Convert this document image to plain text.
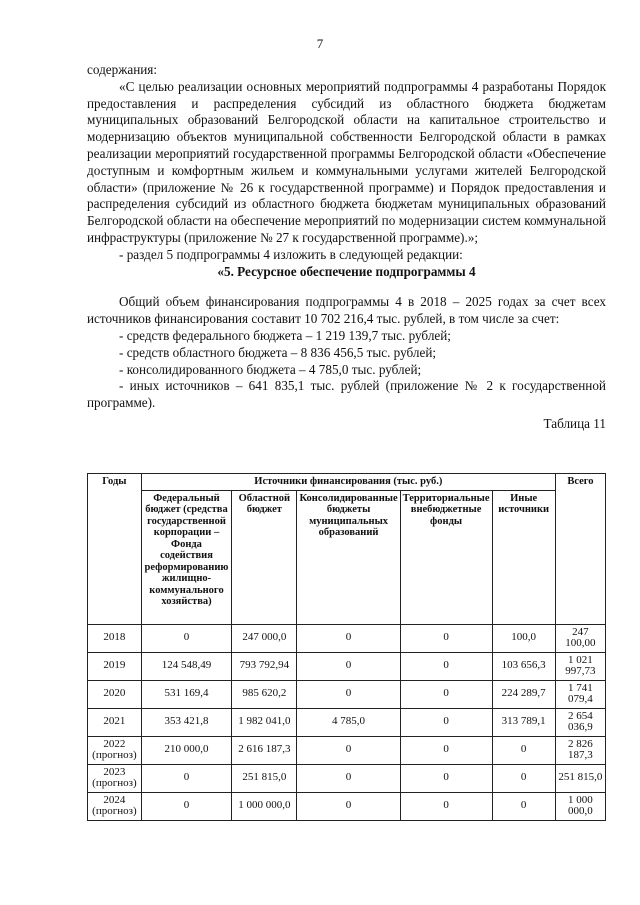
7

содержания:

«С целью реализации основных мероприятий подпрограммы 4 разработаны Порядок предоставления и распределения субсидий из областного бюджета бюджетам муниципальных образований Белгородской области на капитальное строительство и модернизацию объектов муниципальной собственности Белгородской области в рамках реализации мероприятий государственной программы Белгородской области «Обеспечение доступным и комфортным жильем и коммунальными услугами жителей Белгородской области» (приложение № 26 к государственной программе) и Порядок предоставления и распределения субсидий из областного бюджета бюджетам муниципальных образований Белгородской области на обеспечение мероприятий по модернизации систем коммунальной инфраструктуры (приложение № 27 к государственной программе).»;

- раздел 5 подпрограммы 4 изложить в следующей редакции:

«5. Ресурсное обеспечение подпрограммы 4

Общий объем финансирования подпрограммы 4 в 2018 – 2025 годах за счет всех источников финансирования составит 10 702 216,4 тыс. рублей, в том числе за счет:

- средств федерального бюджета – 1 219 139,7 тыс. рублей;

- средств областного бюджета – 8 836 456,5 тыс. рублей;

- консолидированного бюджета – 4 785,0 тыс. рублей;

- иных источников – 641 835,1 тыс. рублей (приложение № 2 к государственной программе).

Таблица 11

Годы	Источники финансирования (тыс. руб.)					Всего
	Федеральный бюджет (средства государственной корпорации – Фонда содействия реформированию жилищно-коммунального хозяйства)	Областной бюджет	Консолидированные бюджеты муниципальных образований	Территориальные внебюджетные фонды	Иные источники	

2018	0	247 000,0	0	0	100,0	247 100,00

2019	124 548,49	793 792,94	0	0	103 656,3	1 021 997,73

2020	531 169,4	985 620,2	0	0	224 289,7	1 741 079,4

2021	353 421,8	1 982 041,0	4 785,0	0	313 789,1	2 654 036,9

2022
(прогноз)	210 000,0	2 616 187,3	0	0	0	2 826 187,3

2023
(прогноз)	0	251 815,0	0	0	0	251 815,0

2024
(прогноз)	0	1 000 000,0	0	0	0	1 000 000,0
